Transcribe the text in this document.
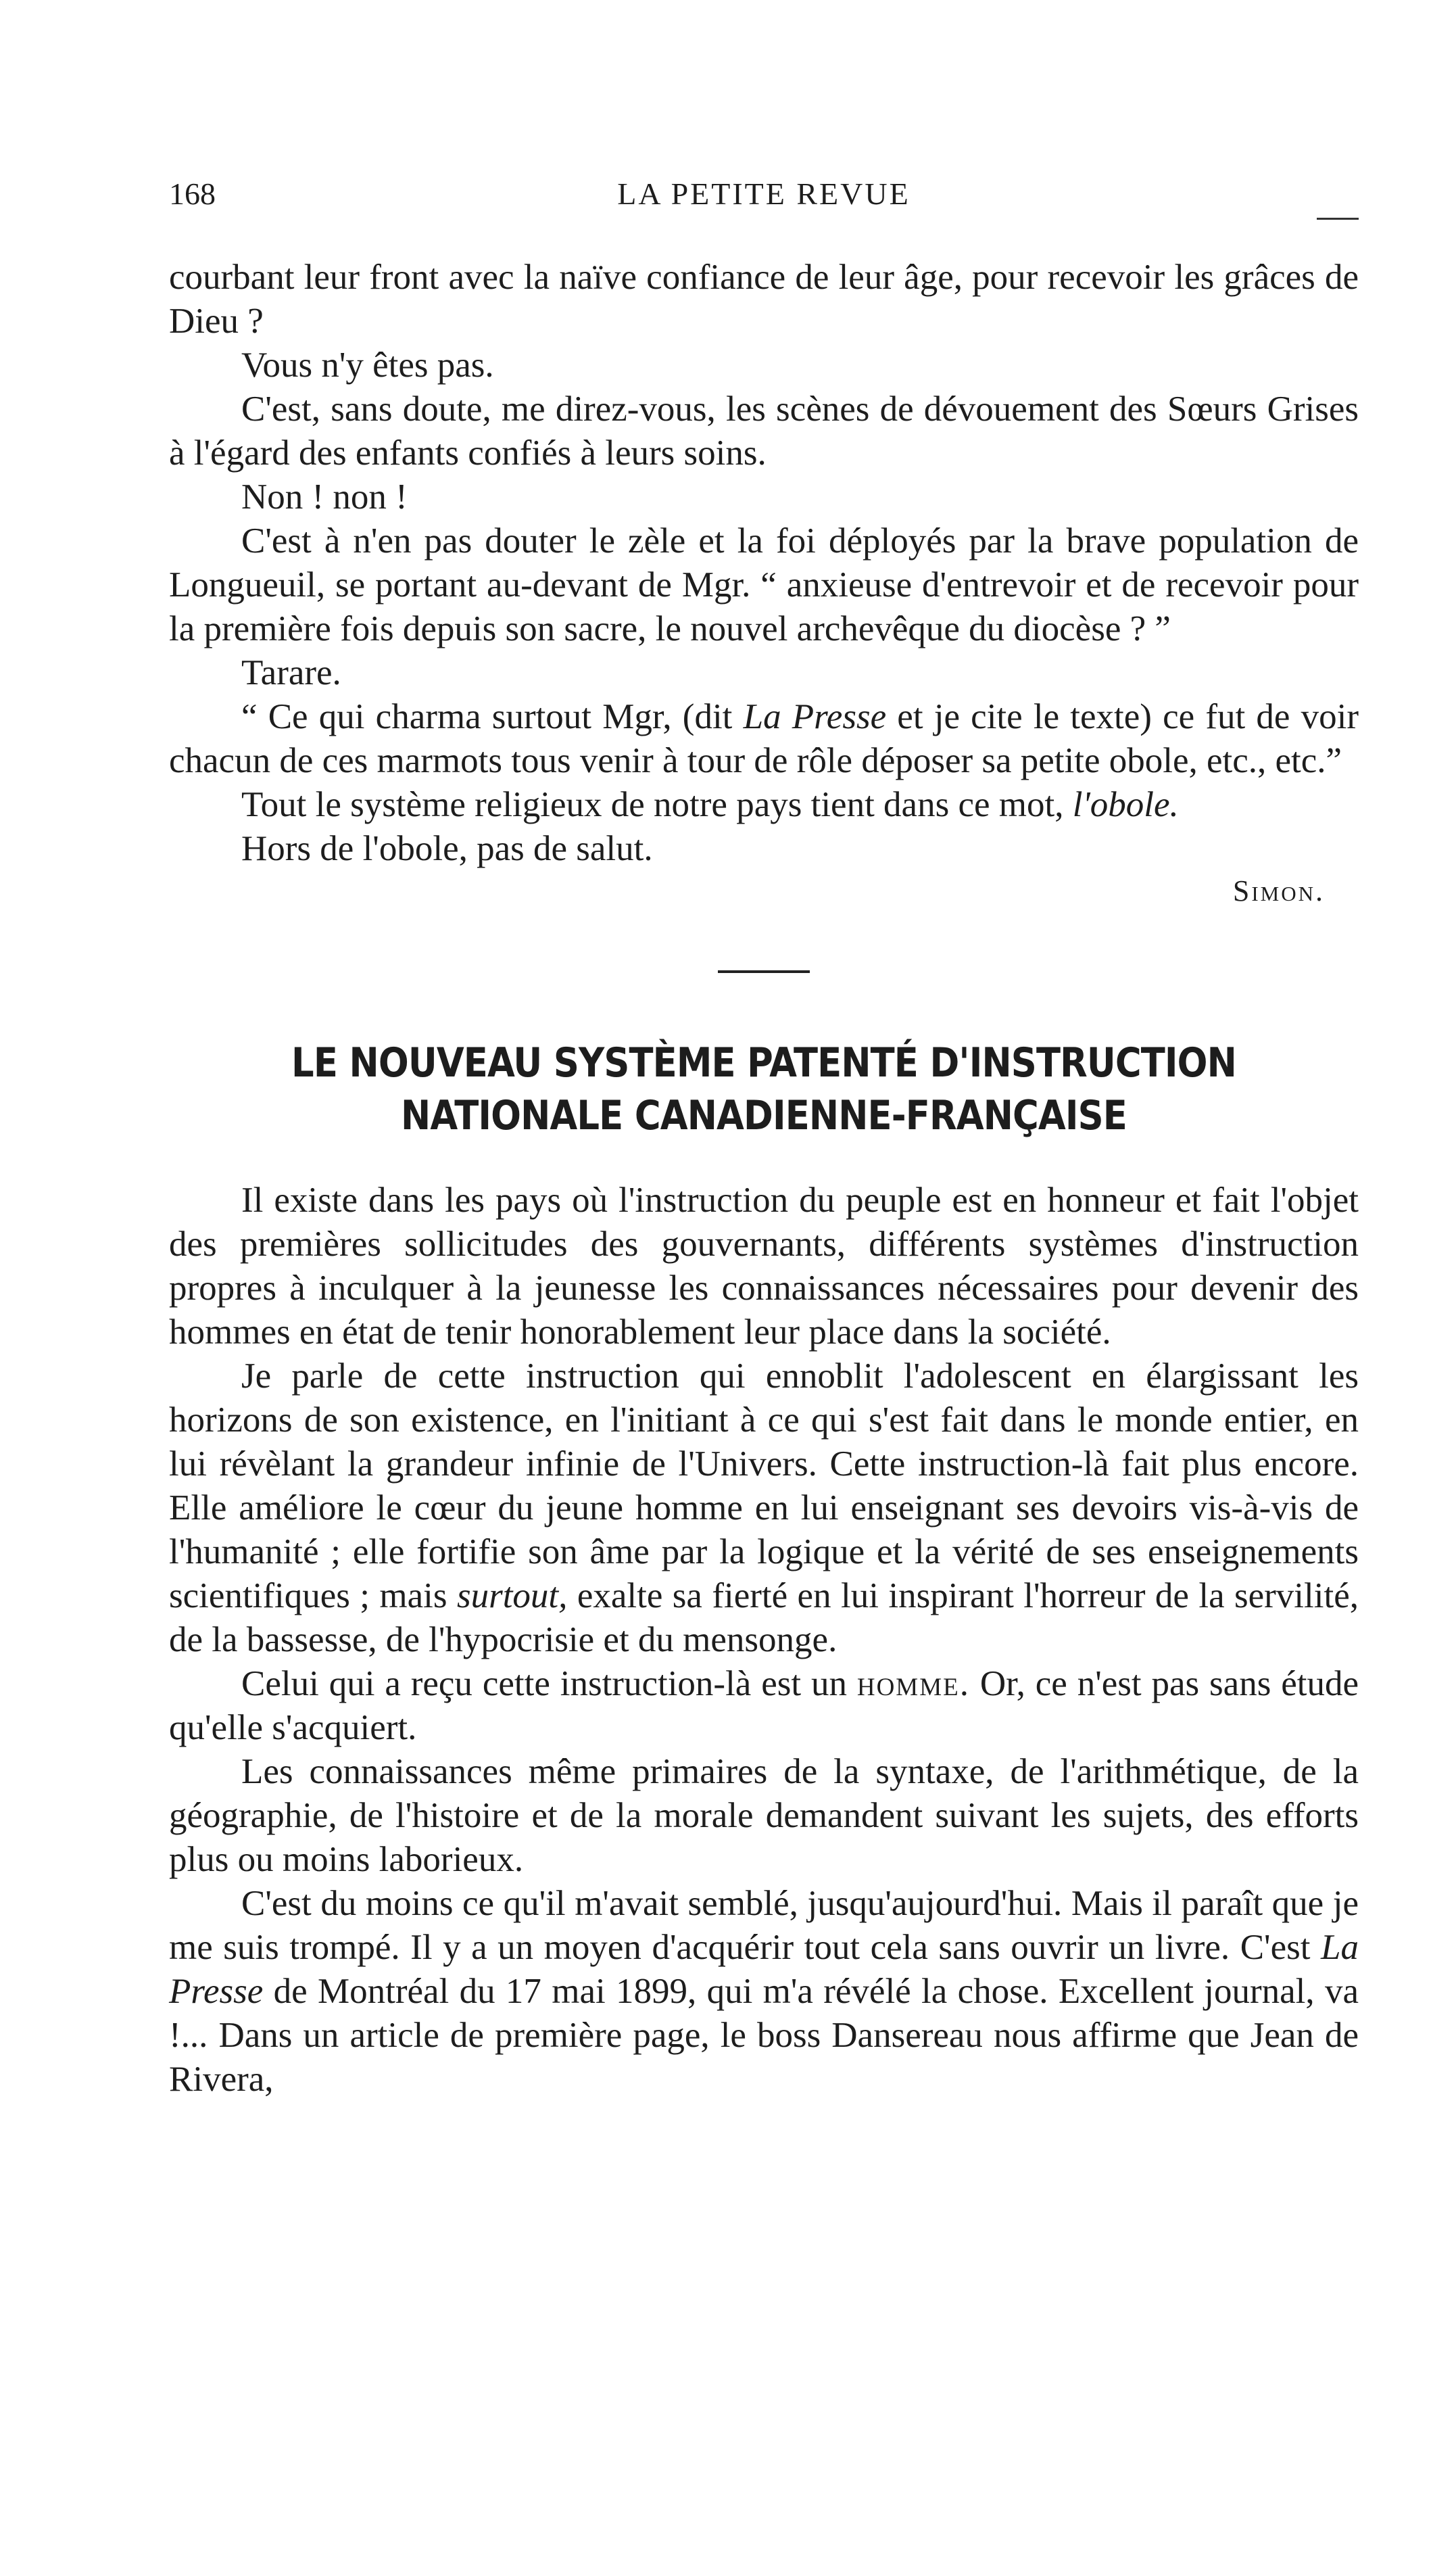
168	LA PETITE REVUE

courbant leur front avec la naïve confiance de leur âge, pour recevoir les grâces de Dieu ?

Vous n'y êtes pas.

C'est, sans doute, me direz-vous, les scènes de dévouement des Sœurs Grises à l'égard des enfants confiés à leurs soins.

Non ! non !

C'est à n'en pas douter le zèle et la foi déployés par la brave population de Longueuil, se portant au-devant de Mgr. “ anxieuse d'entrevoir et de recevoir pour la première fois depuis son sacre, le nouvel archevêque du diocèse ? ”

Tarare.

“ Ce qui charma surtout Mgr, (dit La Presse et je cite le texte) ce fut de voir chacun de ces marmots tous venir à tour de rôle déposer sa petite obole, etc., etc.”

Tout le système religieux de notre pays tient dans ce mot, l'obole.

Hors de l'obole, pas de salut.

Simon.
LE NOUVEAU SYSTÈME PATENTÉ D'INSTRUCTION
NATIONALE CANADIENNE-FRANÇAISE

Il existe dans les pays où l'instruction du peuple est en honneur et fait l'objet des premières sollicitudes des gouvernants, différents systèmes d'instruction propres à inculquer à la jeunesse les connaissances nécessaires pour devenir des hommes en état de tenir honorablement leur place dans la société.

Je parle de cette instruction qui ennoblit l'adolescent en élargissant les horizons de son existence, en l'initiant à ce qui s'est fait dans le monde entier, en lui révèlant la grandeur infinie de l'Univers. Cette instruction-là fait plus encore. Elle améliore le cœur du jeune homme en lui enseignant ses devoirs vis-à-vis de l'humanité ; elle fortifie son âme par la logique et la vérité de ses enseignements scientifiques ; mais surtout, exalte sa fierté en lui inspirant l'horreur de la servilité, de la bassesse, de l'hypocrisie et du mensonge.

Celui qui a reçu cette instruction-là est un homme. Or, ce n'est pas sans étude qu'elle s'acquiert.

Les connaissances même primaires de la syntaxe, de l'arithmétique, de la géographie, de l'histoire et de la morale demandent suivant les sujets, des efforts plus ou moins laborieux.

C'est du moins ce qu'il m'avait semblé, jusqu'aujourd'hui. Mais il paraît que je me suis trompé. Il y a un moyen d'acquérir tout cela sans ouvrir un livre. C'est La Presse de Montréal du 17 mai 1899, qui m'a révélé la chose. Excellent journal, va !... Dans un article de première page, le boss Dansereau nous affirme que Jean de Rivera,
